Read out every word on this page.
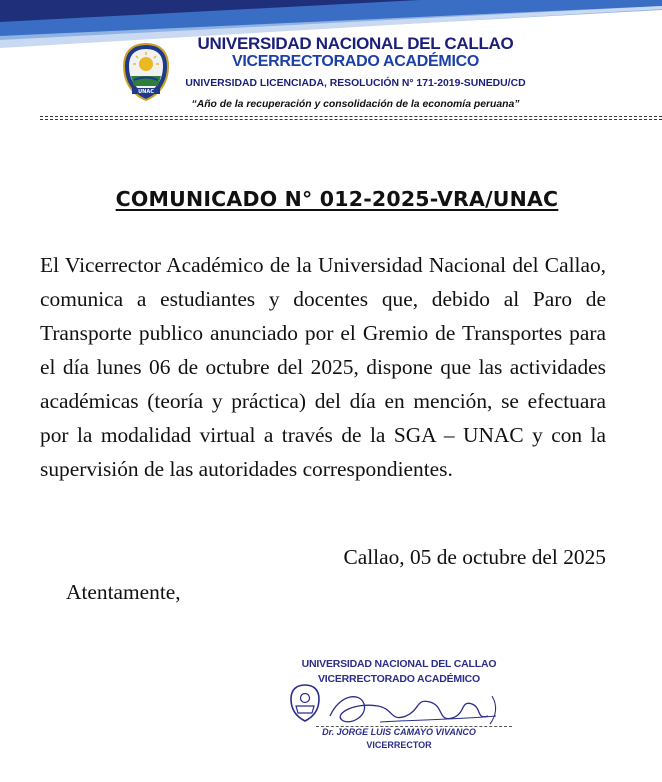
UNAC
UNIVERSIDAD NACIONAL DEL CALLAO
VICERRECTORADO ACADÉMICO
UNIVERSIDAD LICENCIADA, RESOLUCIÓN N° 171-2019-SUNEDU/CD
“Año de la recuperación y consolidación de la economía peruana”
COMUNICADO N° 012-2025-VRA/UNAC
El Vicerrector Académico de la Universidad Nacional del Callao, comunica a estudiantes y docentes que, debido al Paro de Transporte publico anunciado por el Gremio de Transportes para el día lunes 06 de octubre del 2025, dispone que las actividades académicas (teoría y práctica) del día en mención, se efectuara por la modalidad virtual a través de la SGA – UNAC y con la supervisión de las autoridades correspondientes.
Callao, 05 de octubre del 2025
Atentamente,
UNIVERSIDAD NACIONAL DEL CALLAO
VICERRECTORADO ACADÉMICO
Dr. JORGE LUIS CAMAYO VIVANCO
VICERRECTOR
